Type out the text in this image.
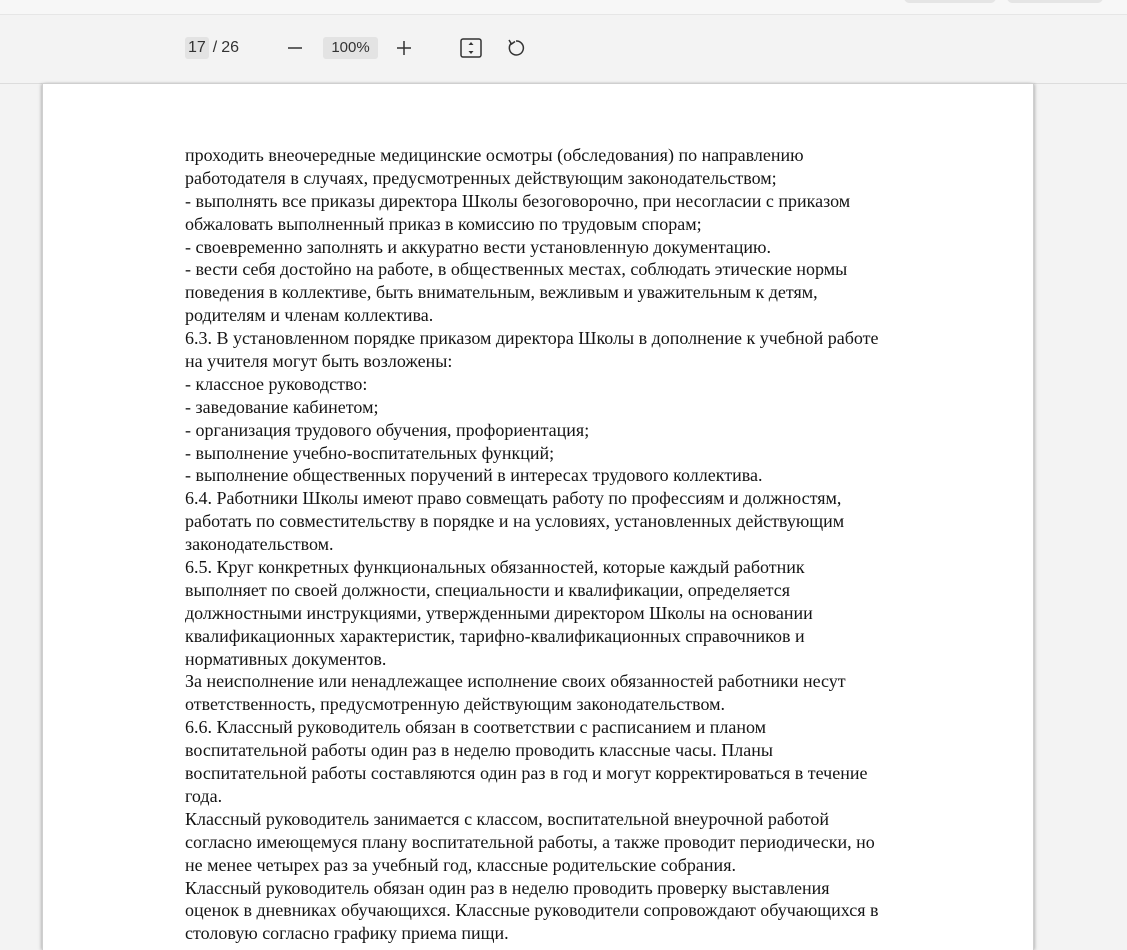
17 / 26	100%
проходить внеочередные медицинские осмотры (обследования) по направлению
работодателя в случаях, предусмотренных действующим законодательством;
- выполнять все приказы директора Школы безоговорочно, при несогласии с приказом
обжаловать выполненный приказ в комиссию по трудовым спорам;
- своевременно заполнять и аккуратно вести установленную документацию.
- вести себя достойно на работе, в общественных местах, соблюдать этические нормы
поведения в коллективе, быть внимательным, вежливым и уважительным к детям,
родителям и членам коллектива.
6.3. В установленном порядке приказом директора Школы в дополнение к учебной работе
на учителя могут быть возложены:
- классное руководство:
- заведование кабинетом;
- организация трудового обучения, профориентация;
- выполнение учебно-воспитательных функций;
- выполнение общественных поручений в интересах трудового коллектива.
6.4. Работники Школы имеют право совмещать работу по профессиям и должностям,
работать по совместительству в порядке и на условиях, установленных действующим
законодательством.
6.5. Круг конкретных функциональных обязанностей, которые каждый работник
выполняет по своей должности, специальности и квалификации, определяется
должностными инструкциями, утвержденными директором Школы на основании
квалификационных характеристик, тарифно-квалификационных справочников и
нормативных документов.
За неисполнение или ненадлежащее исполнение своих обязанностей работники несут
ответственность, предусмотренную действующим законодательством.
6.6. Классный руководитель обязан в соответствии с расписанием и планом
воспитательной работы один раз в неделю проводить классные часы. Планы
воспитательной работы составляются один раз в год и могут корректироваться в течение
года.
Классный руководитель занимается с классом, воспитательной внеурочной работой
согласно имеющемуся плану воспитательной работы, а также проводит периодически, но
не менее четырех раз за учебный год, классные родительские собрания.
Классный руководитель обязан один раз в неделю проводить проверку выставления
оценок в дневниках обучающихся. Классные руководители сопровождают обучающихся в
столовую согласно графику приема пищи.
